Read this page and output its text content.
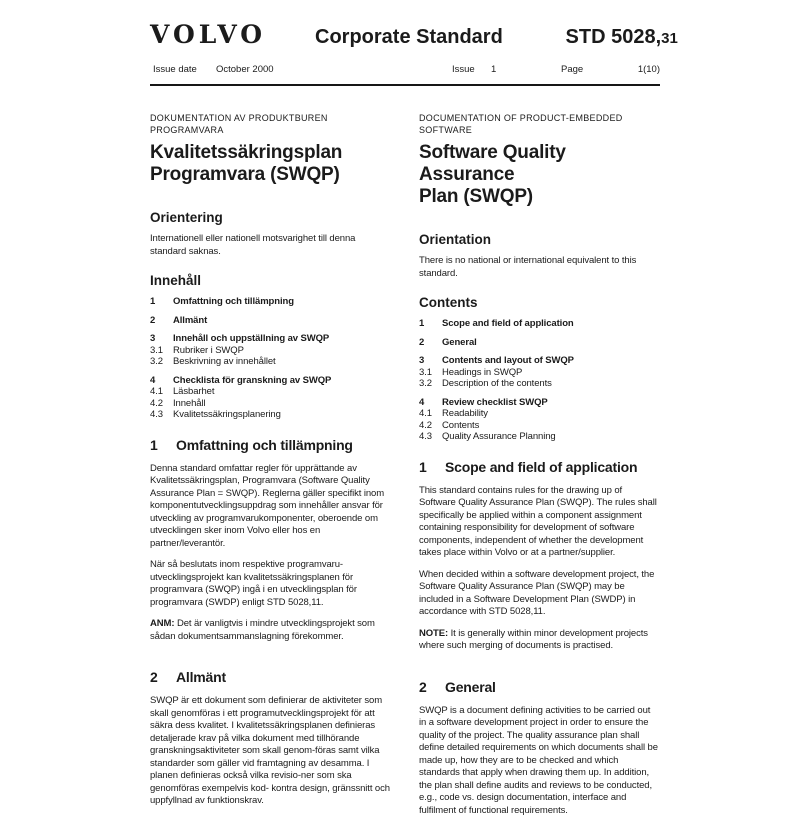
VOLVO	Corporate Standard	STD 5028,31
Issue date October 2000	Issue 1	Page	1(10)
DOKUMENTATION AV PRODUKTBUREN
PROGRAMVARA
Kvalitetssäkringsplan
Programvara (SWQP)
Orientering

Internationell eller nationell motsvarighet till denna standard saknas.

Innehåll
1	Omfattning och tillämpning
2	Allmänt
3	Innehåll och uppställning av SWQP
3.1	Rubriker i SWQP
3.2	Beskrivning av innehållet
4	Checklista för granskning av SWQP
4.1	Läsbarhet
4.2	Innehåll
4.3	Kvalitetssäkringsplanering
1 Omfattning och tillämpning

Denna standard omfattar regler för upprättande av Kvalitetssäkringsplan, Programvara (Software Quality Assurance Plan = SWQP). Reglerna gäller specifikt inom komponentutvecklingsuppdrag som innehåller ansvar för utveckling av programvarukomponenter, oberoende om utvecklingen sker inom Volvo eller hos en partner/leverantör.

När så beslutats inom respektive programvaru-utvecklingsprojekt kan kvalitetssäkringsplanen för programvara (SWQP) ingå i en utvecklingsplan för programvara (SWDP) enligt STD 5028,11.

ANM: Det är vanligtvis i mindre utvecklingsprojekt som sådan dokumentsammanslagning förekommer.

2 Allmänt

SWQP är ett dokument som definierar de aktiviteter som skall genomföras i ett programutvecklingsprojekt för att säkra dess kvalitet. I kvalitetssäkringsplanen definieras detaljerade krav på vilka dokument med tillhörande granskningsaktiviteter som skall genom-föras samt vilka standarder som gäller vid framtagning av desamma. I planen definieras också vilka revisio-ner som ska genomföras exempelvis kod- kontra design, gränssnitt och uppfyllnad av funktionskrav.

DOCUMENTATION OF PRODUCT-EMBEDDED
SOFTWARE
Software Quality Assurance
Plan (SWQP)
Orientation

There is no national or international equivalent to this standard.

Contents
1	Scope and field of application
2	General
3	Contents and layout of SWQP
3.1	Headings in SWQP
3.2	Description of the contents
4	Review checklist SWQP
4.1	Readability
4.2	Contents
4.3	Quality Assurance Planning
1 Scope and field of application

This standard contains rules for the drawing up of Software Quality Assurance Plan (SWQP). The rules shall specifically be applied within a component assignment containing responsibility for development of software components, independent of whether the development takes place within Volvo or at a partner/supplier.

When decided within a software development project, the Software Quality Assurance Plan (SWQP) may be included in a Software Development Plan (SWDP) in accordance with STD 5028,11.

NOTE: It is generally within minor development projects where such merging of documents is practised.

2 General

SWQP is a document defining activities to be carried out in a software development project in order to ensure the quality of the project. The quality assurance plan shall define detailed requirements on which documents shall be made up, how they are to be checked and which standards that apply when drawing them up. In addition, the plan shall define audits and reviews to be conducted, e.g., code vs. design documentation, interface and fulfilment of functional requirements.
